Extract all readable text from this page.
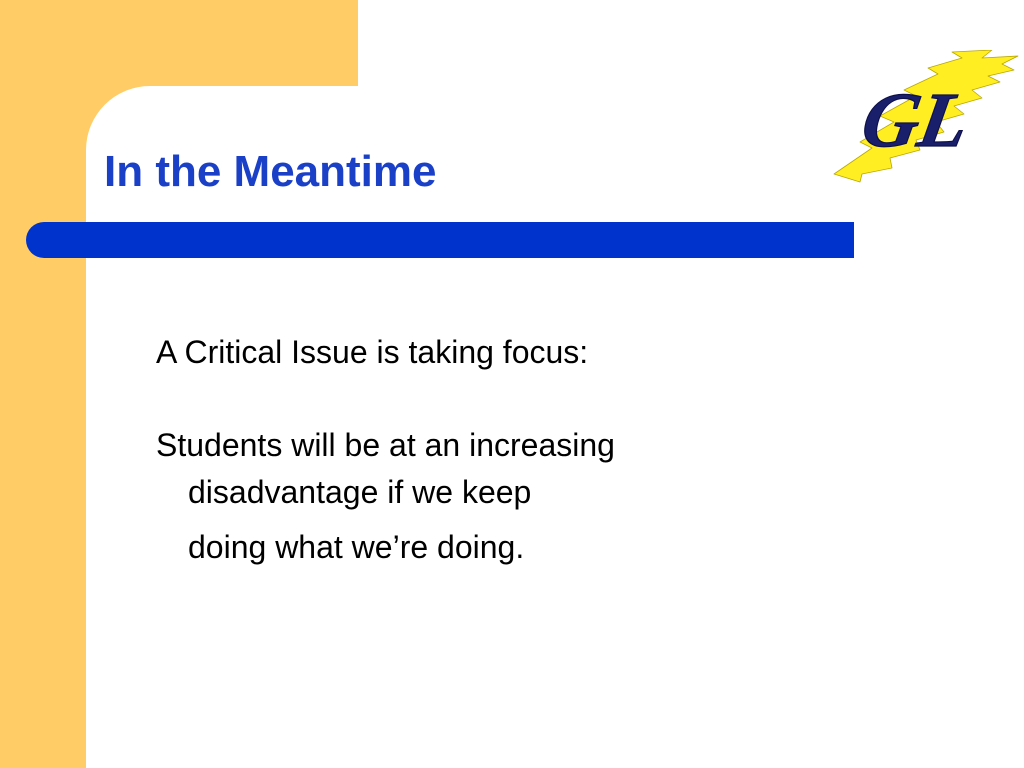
In the Meantime
GL

A Critical Issue is taking focus:

Students will be at an increasing disadvantage if we keep

doing what we’re doing.
